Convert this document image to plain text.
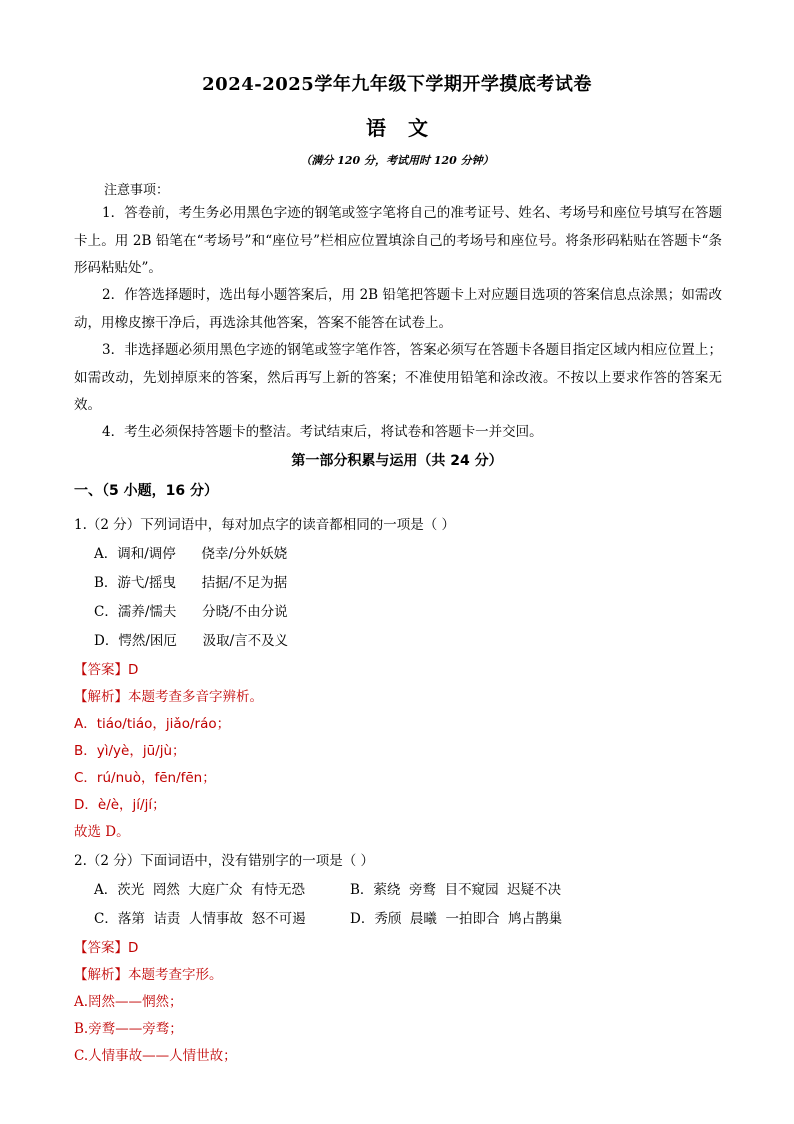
2024-2025学年九年级下学期开学摸底考试卷
语文
（满分 120 分，考试用时 120 分钟）
注意事项：
1．答卷前，考生务必用黑色字迹的钢笔或签字笔将自己的准考证号、姓名、考场号和座位号填写在答题卡上。用 2B 铅笔在“考场号”和“座位号”栏相应位置填涂自己的考场号和座位号。将条形码粘贴在答题卡“条形码粘贴处”。
2．作答选择题时，选出每小题答案后，用 2B 铅笔把答题卡上对应题目选项的答案信息点涂黑；如需改动，用橡皮擦干净后，再选涂其他答案，答案不能答在试卷上。
3．非选择题必须用黑色字迹的钢笔或签字笔作答，答案必须写在答题卡各题目指定区域内相应位置上；如需改动，先划掉原来的答案，然后再写上新的答案；不准使用铅笔和涂改液。不按以上要求作答的答案无效。
4．考生必须保持答题卡的整洁。考试结束后，将试卷和答题卡一并交回。
第一部分积累与运用（共 24 分）
一、（5 小题，16 分）
1.（2 分）下列词语中，每对加点字的读音都相同的一项是（ ）
A．调和/调停      侥幸/分外妖娆
B．游弋/摇曳      拮据/不足为据
C．濡养/懦夫      分晓/不由分说
D．愕然/困厄      汲取/言不及义
【答案】D
【解析】本题考查多音字辨析。
A．tiáo/tiáo，jiǎo/ráo；
B．yì/yè，jū/jù；
C．rú/nuò，fēn/fēn；
D．è/è，jí/jí；
故选 D。
2.（2 分）下面词语中，没有错别字的一项是（ ）
A．茨光  罔然  大庭广众  有恃无恐	B．萦绕  旁鹜  目不窥园  迟疑不决
C．落第  诘责  人情事故  怒不可遏	D．秀颀  晨曦  一拍即合  鸠占鹊巢
【答案】D
【解析】本题考查字形。
A.罔然——惘然；
B.旁鹜——旁骛；
C.人情事故——人情世故；
